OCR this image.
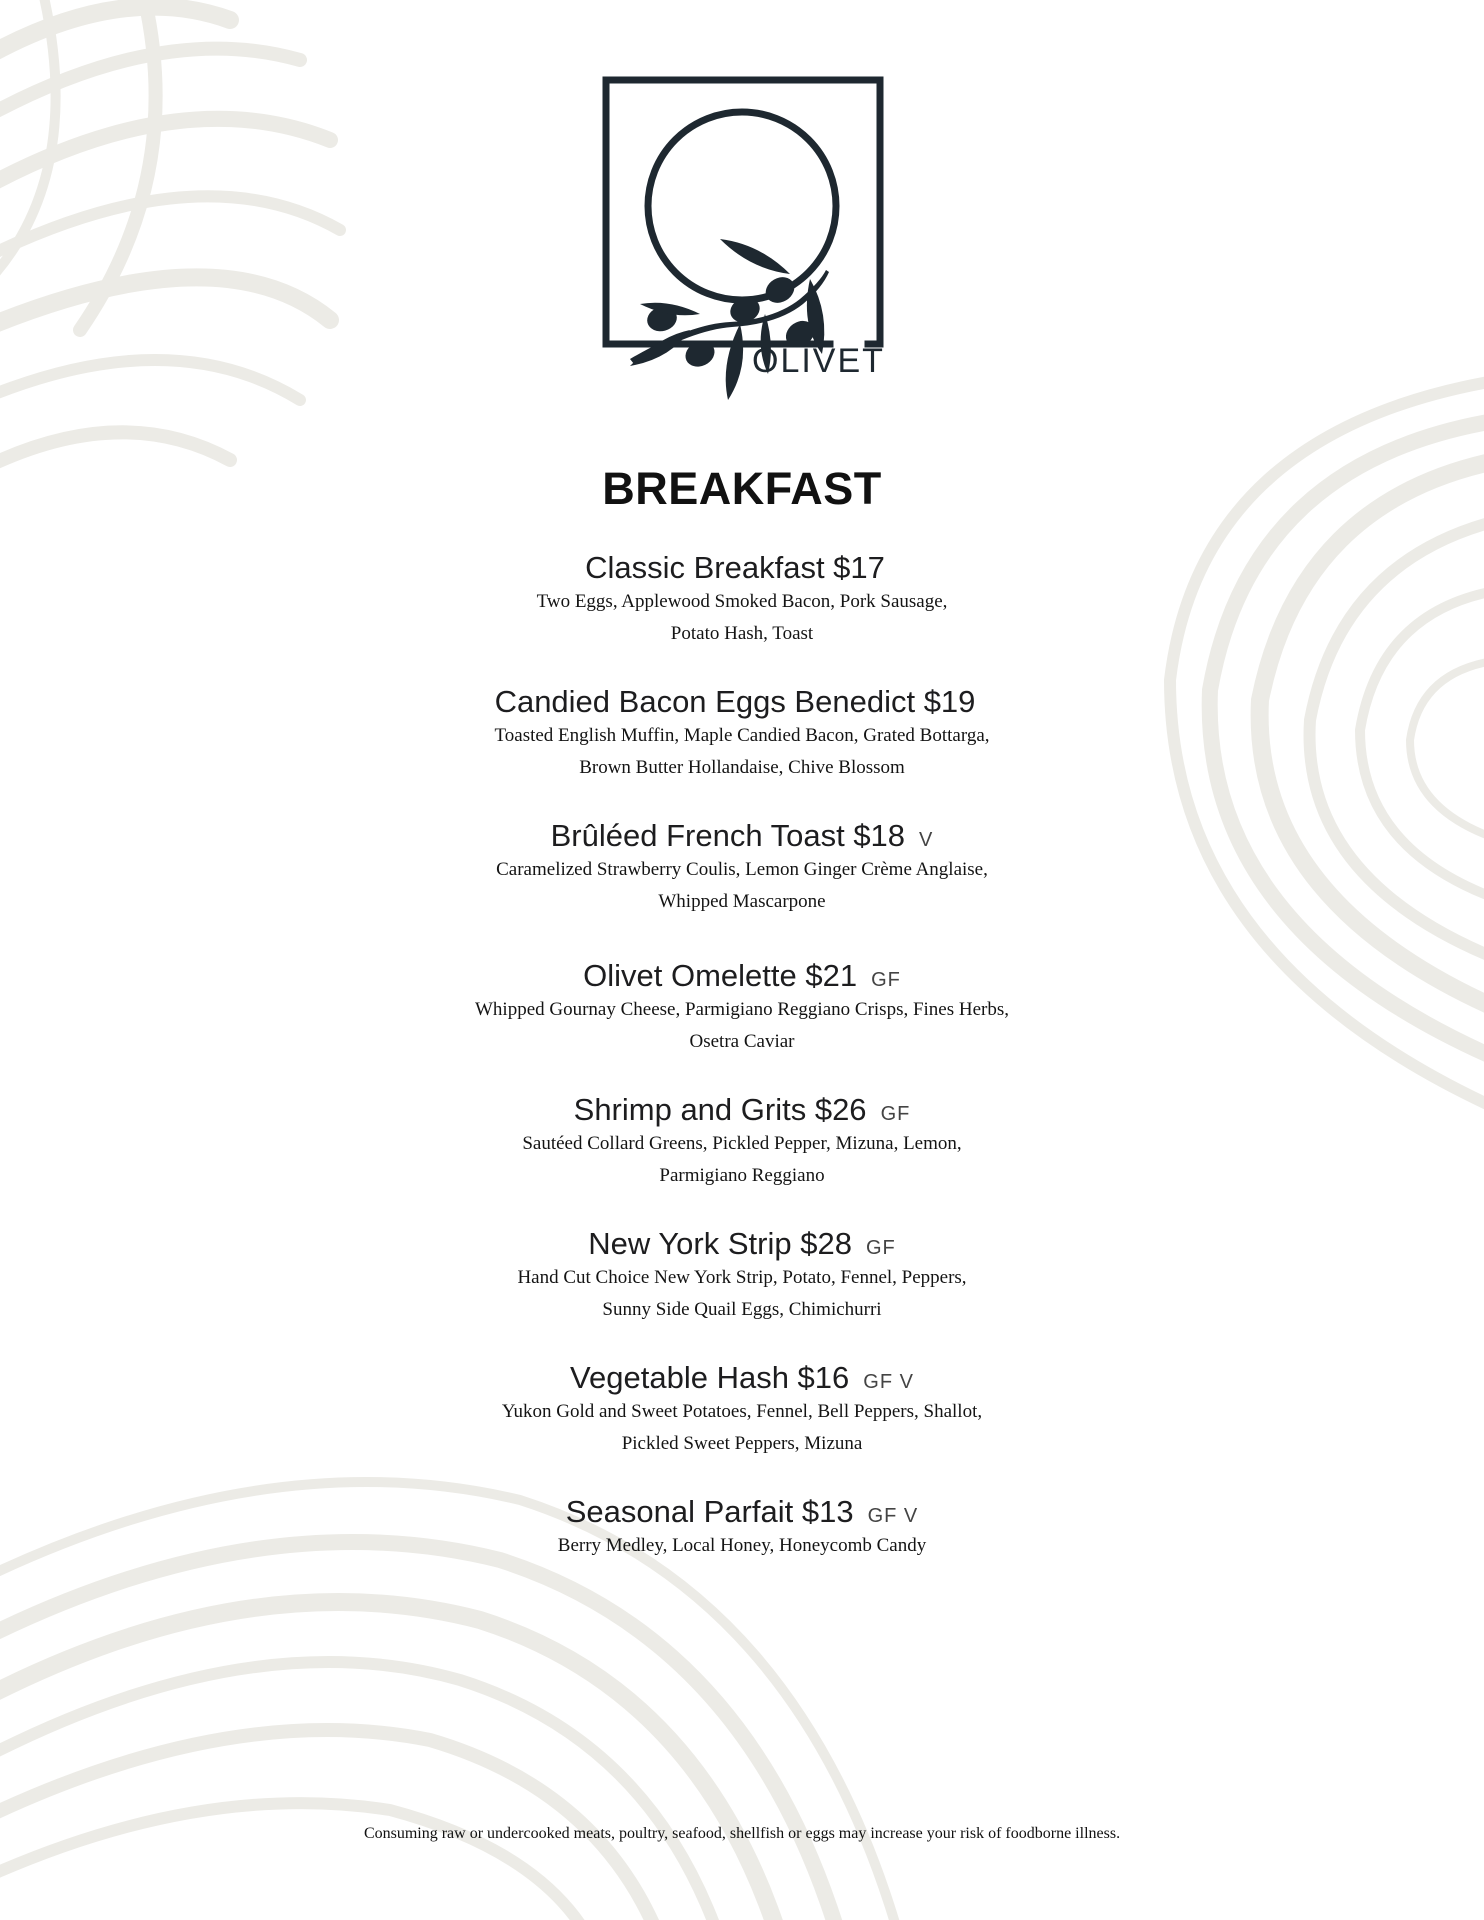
OLIVET
BREAKFAST

Classic Breakfast $17

Two Eggs, Applewood Smoked Bacon, Pork Sausage,
Potato Hash, Toast

Candied Bacon Eggs Benedict $19

Toasted English Muffin, Maple Candied Bacon, Grated Bottarga,
Brown Butter Hollandaise, Chive Blossom

Brûléed French Toast $18 V

Caramelized Strawberry Coulis, Lemon Ginger Crème Anglaise,
Whipped Mascarpone

Olivet Omelette $21 GF

Whipped Gournay Cheese, Parmigiano Reggiano Crisps, Fines Herbs,
Osetra Caviar

Shrimp and Grits $26 GF

Sautéed Collard Greens, Pickled Pepper, Mizuna, Lemon,
Parmigiano Reggiano

New York Strip $28 GF

Hand Cut Choice New York Strip, Potato, Fennel, Peppers,
Sunny Side Quail Eggs, Chimichurri

Vegetable Hash $16 GF V

Yukon Gold and Sweet Potatoes, Fennel, Bell Peppers, Shallot,
Pickled Sweet Peppers, Mizuna

Seasonal Parfait $13 GF V

Berry Medley, Local Honey, Honeycomb Candy

Consuming raw or undercooked meats, poultry, seafood, shellfish or eggs may increase your risk of foodborne illness.
